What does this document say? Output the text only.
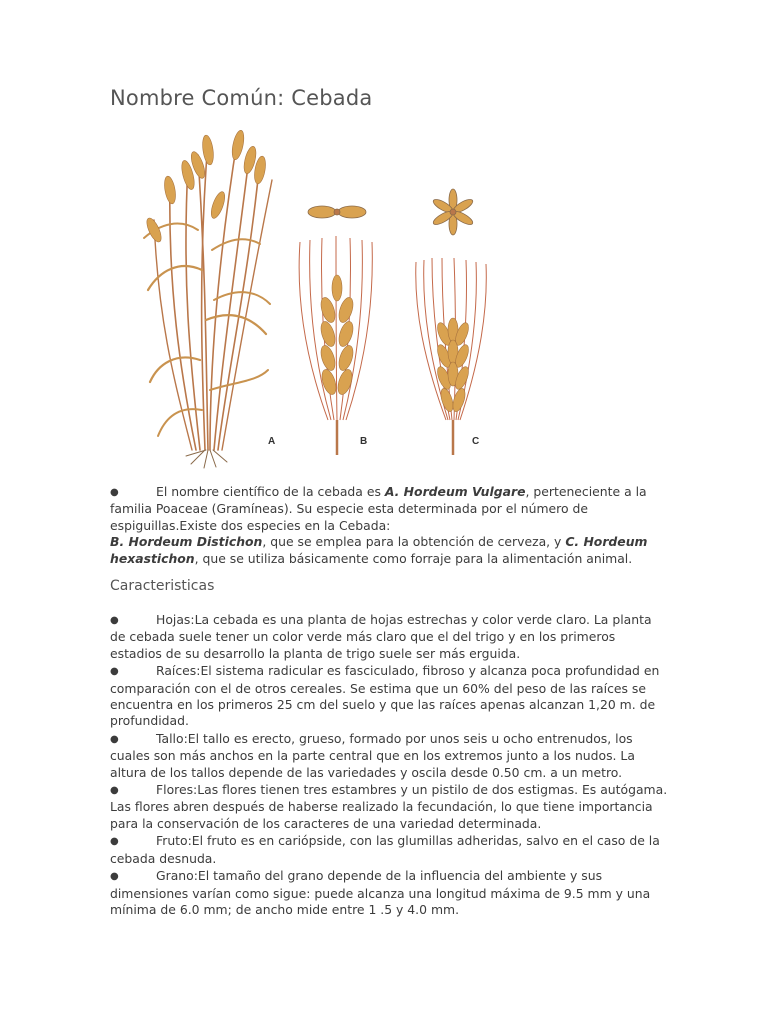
Nombre Común: Cebada
A	B	C
●	El nombre científico de la cebada es A. Hordeum Vulgare, perteneciente a la familia Poaceae (Gramíneas). Su especie esta determinada por el número de espiguillas.Existe dos especies en la Cebada:
B. Hordeum Distichon, que se emplea para la obtención de cerveza, y C. Hordeum hexastichon, que se utiliza básicamente como forraje para la alimentación animal.
Caracteristicas
●	Hojas:La cebada es una planta de hojas estrechas y color verde claro. La planta de cebada suele tener un color verde más claro que el del trigo y en los primeros estadios de su desarrollo la planta de trigo suele ser más erguida.
●	Raíces:El sistema radicular es fasciculado, fibroso y alcanza poca profundidad en comparación con el de otros cereales. Se estima que un 60% del peso de las raíces se encuentra en los primeros 25 cm del suelo y que las raíces apenas alcanzan 1,20 m. de profundidad.
●	Tallo:El tallo es erecto, grueso, formado por unos seis u ocho entrenudos, los cuales son más anchos en la parte central que en los extremos junto a los nudos. La altura de los tallos depende de las variedades y oscila desde 0.50 cm. a un metro.
●	Flores:Las flores tienen tres estambres y un pistilo de dos estigmas. Es autógama. Las flores abren después de haberse realizado la fecundación, lo que tiene importancia para la conservación de los caracteres de una variedad determinada.
●	Fruto:El fruto es en cariópside, con las glumillas adheridas, salvo en el caso de la cebada desnuda.
●	Grano:El tamaño del grano depende de la influencia del ambiente y sus dimensiones varían como sigue: puede alcanza una longitud máxima de 9.5 mm y una mínima de 6.0 mm; de ancho mide entre 1 .5 y 4.0 mm.
